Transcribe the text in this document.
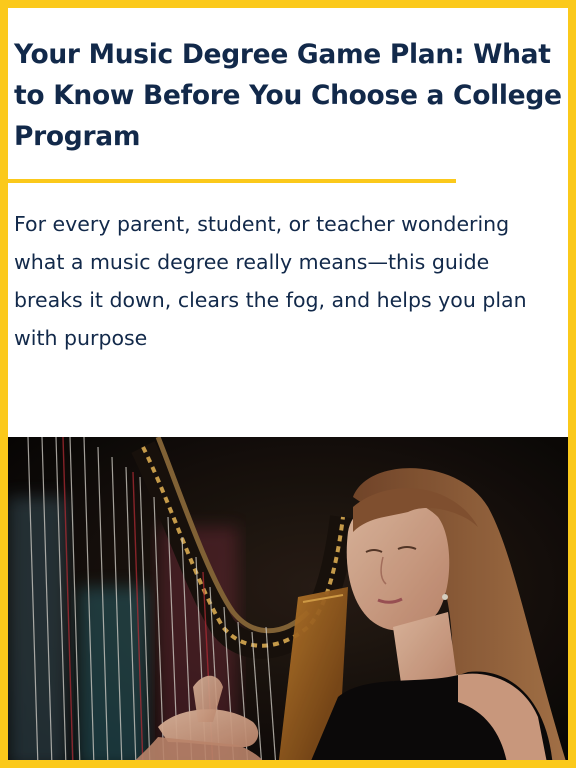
Your Music Degree Game Plan: What to Know Before You Choose a College Program

For every parent, student, or teacher wondering what a music degree really means—this guide breaks it down, clears the fog, and helps you plan with purpose
